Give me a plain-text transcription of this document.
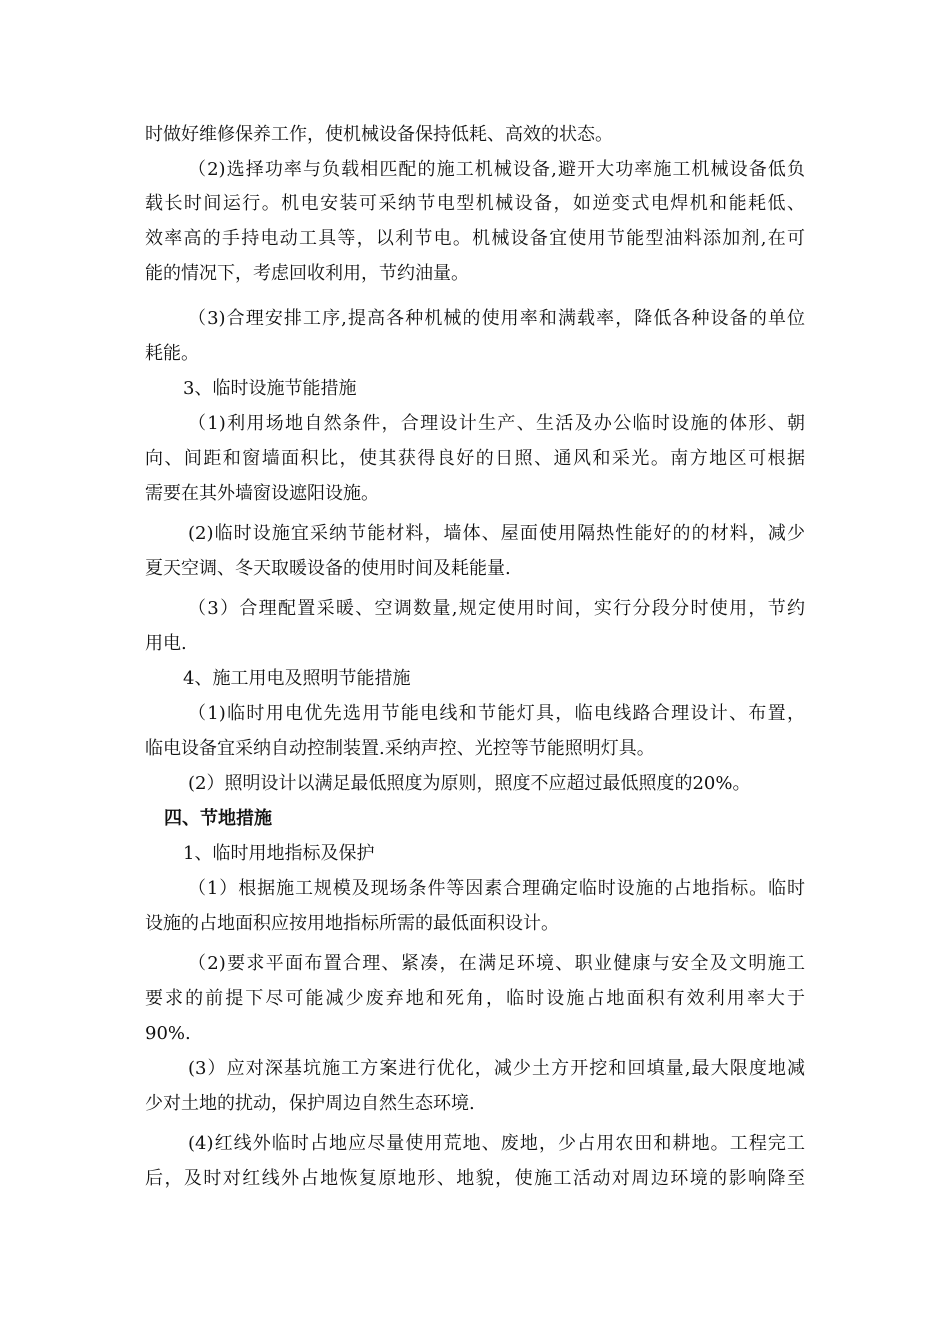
时做好维修保养工作，使机械设备保持低耗、高效的状态。
（2)选择功率与负载相匹配的施工机械设备,避开大功率施工机械设备低负
载长时间运行。机电安装可采纳节电型机械设备，如逆变式电焊机和能耗低、
效率高的手持电动工具等，以利节电。机械设备宜使用节能型油料添加剂,在可
能的情况下，考虑回收利用，节约油量。
（3)合理安排工序,提高各种机械的使用率和满载率，降低各种设备的单位
耗能。
3、临时设施节能措施
（1)利用场地自然条件，合理设计生产、生活及办公临时设施的体形、朝
向、间距和窗墙面积比，使其获得良好的日照、通风和采光。南方地区可根据
需要在其外墙窗设遮阳设施。
(2)临时设施宜采纳节能材料，墙体、屋面使用隔热性能好的的材料，减少
夏天空调、冬天取暖设备的使用时间及耗能量.
（3）合理配置采暖、空调数量,规定使用时间，实行分段分时使用，节约
用电.
4、施工用电及照明节能措施
（1)临时用电优先选用节能电线和节能灯具，临电线路合理设计、布置，
临电设备宜采纳自动控制装置.采纳声控、光控等节能照明灯具。
(2）照明设计以满足最低照度为原则，照度不应超过最低照度的20%。
四、节地措施
1、临时用地指标及保护
（1）根据施工规模及现场条件等因素合理确定临时设施的占地指标。临时
设施的占地面积应按用地指标所需的最低面积设计。
（2)要求平面布置合理、紧凑，在满足环境、职业健康与安全及文明施工
要求的前提下尽可能减少废弃地和死角，临时设施占地面积有效利用率大于
90%.
(3）应对深基坑施工方案进行优化，减少土方开挖和回填量,最大限度地减
少对土地的扰动，保护周边自然生态环境.
(4)红线外临时占地应尽量使用荒地、废地，少占用农田和耕地。工程完工
后，及时对红线外占地恢复原地形、地貌，使施工活动对周边环境的影响降至
